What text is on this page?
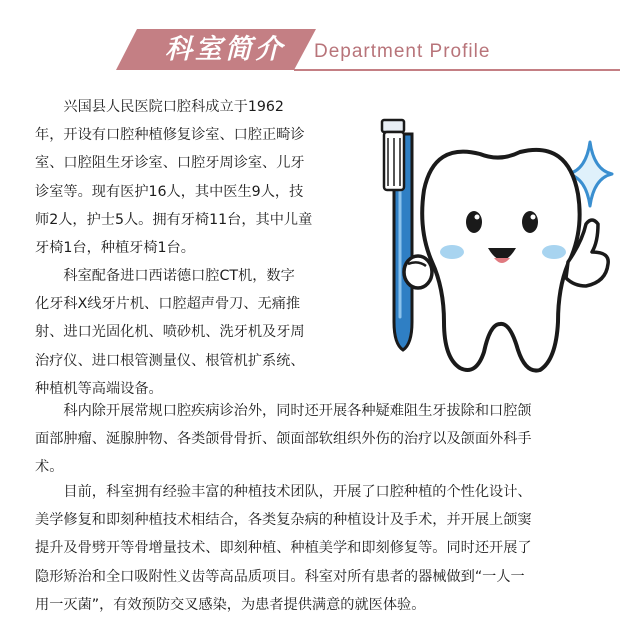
科室简介	Department Profile
　　兴国县人民医院口腔科成立于1962
年，开设有口腔种植修复诊室、口腔正畸诊
室、口腔阻生牙诊室、口腔牙周诊室、儿牙
诊室等。现有医护16人，其中医生9人，技
师2人，护士5人。拥有牙椅11台，其中儿童
牙椅1台，种植牙椅1台。
　　科室配备进口西诺德口腔CT机，数字
化牙科X线牙片机、口腔超声骨刀、无痛推
射、进口光固化机、喷砂机、洗牙机及牙周
治疗仪、进口根管测量仪、根管机扩系统、
种植机等高端设备。
　　科内除开展常规口腔疾病诊治外，同时还开展各种疑难阻生牙拔除和口腔颌
面部肿瘤、涎腺肿物、各类颌骨骨折、颌面部软组织外伤的治疗以及颌面外科手
术。
　　目前，科室拥有经验丰富的种植技术团队，开展了口腔种植的个性化设计、
美学修复和即刻种植技术相结合，各类复杂病的种植设计及手术，并开展上颌窦
提升及骨劈开等骨增量技术、即刻种植、种植美学和即刻修复等。同时还开展了
隐形矫治和全口吸附性义齿等高品质项目。科室对所有患者的器械做到“一人一
用一灭菌”，有效预防交叉感染，为患者提供满意的就医体验。
